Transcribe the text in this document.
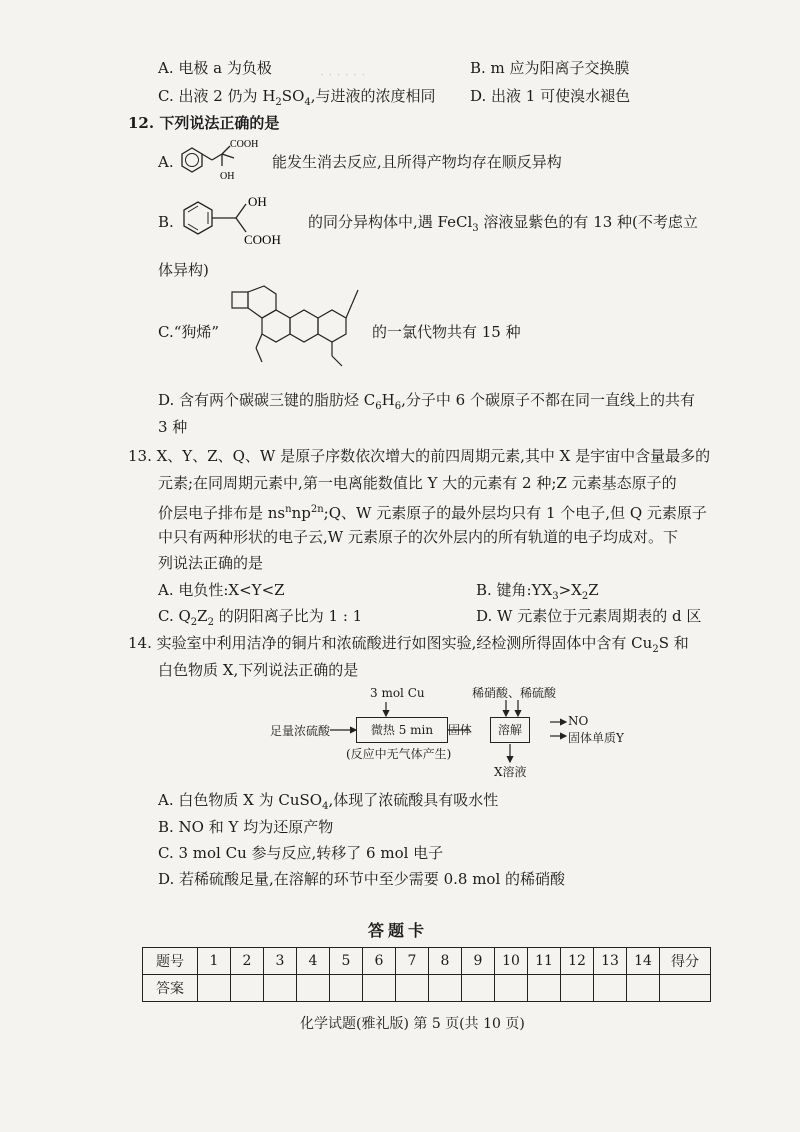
· · · · · ·
A. 电极 a 为负极	B. m 应为阳离子交换膜
C. 出液 2 仍为 $H_2SO_4$,与进液的浓度相同 D. 出液 1 可使溴水褪色
12. 下列说法正确的是
A.
COOH
OH
能发生消去反应,且所得产物均存在顺反异构
B.
OH
COOH
的同分异构体中,遇 FeCl$_3$ 溶液显紫色的有 13 种(不考虑立
体异构)
C.“狗烯”	的一氯代物共有 15 种
D. 含有两个碳碳三键的脂肪烃 $C_6H_6$,分子中 6 个碳原子不都在同一直线上的共有
3 种
13. X、Y、Z、Q、W 是原子序数依次增大的前四周期元素,其中 X 是宇宙中含量最多的
元素;在同周期元素中,第一电离能数值比 Y 大的元素有 2 种;Z 元素基态原子的
价层电子排布是 $ns^nnp^{2n};Q$、W 元素原子的最外层均只有 1 个电子,但 Q 元素原子
中只有两种形状的电子云,W 元素原子的次外层内的所有轨道的电子均成对。下
列说法正确的是
A. 电负性:X<Y<Z	B. 键角$:YX_3>X_2Z$
C. $Q_2Z_2$ 的阴阳离子比为 1 : 1	D. W 元素位于元素周期表的 d 区
14. 实验室中利用洁净的铜片和浓硫酸进行如图实验,经检测所得固体中含有 $Cu_2S$ 和
白色物质 X,下列说法正确的是
3 mol Cu	稀硝酸、稀硫酸
足量浓硫酸	微热 5 min
(反应中无气体产生)
固体	溶解
NO
固体单质Y
X溶液
A. 白色物质 X 为 CuSO$_4$,体现了浓硫酸具有吸水性
B. NO 和 Y 均为还原产物
C. 3 mol Cu 参与反应,转移了 6 mol 电子
D. 若稀硫酸足量,在溶解的环节中至少需要 0.8 mol 的稀硝酸
答题卡
题号	1	2	3	4	5	6	7	8	9	10	11	12	13	14	得分
答案															
化学试题(雅礼版) 第 5 页(共 10 页)
